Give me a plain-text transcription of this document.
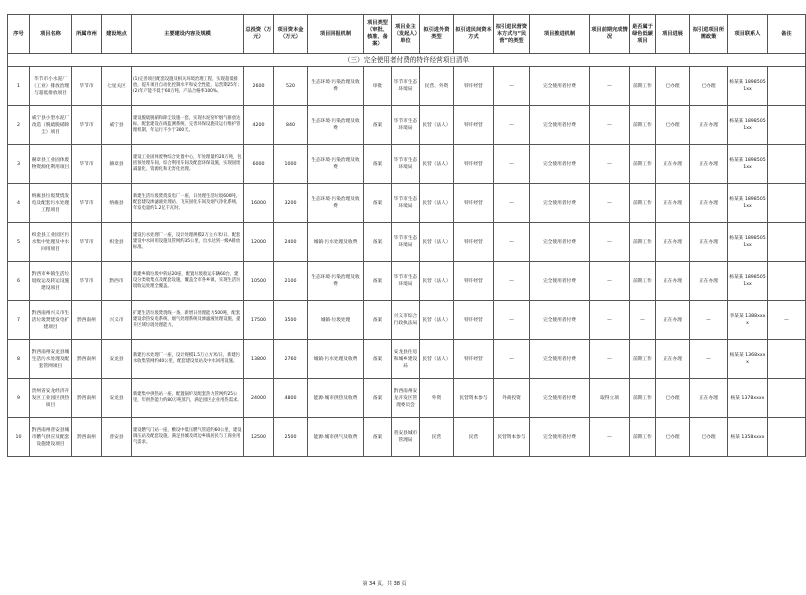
序号	项目名称	所属市州	建设地点	主要建设内容及规模	总投资（万元）	项目资本金（万元）	项目回报机制	项目类型（审批、核准、备案）	项目业主（发起人）单位	拟引进外资类型	拟引进民间资本方式	拟引进民营资本方式与“民营”的类型	项目推进机制	项目前期完成情况	是否属于绿色低碳项目	项目进展	拟引进项目所需政策	项目联系人	备注
（三）完全使用者付费的特许经营项目清单																			
1	毕节市小水泥厂（工业）排放治理与超低排放项目	毕节市	七星关区	(1)完善项目配套设施及相关环境治理工程，实现超低排放，提升项目自动化控制水平和安全性能，运营期25年；(2)年产能不低于60万吨，产品合格率100%。	2600	520	生态环境·污染治理及收费	审批	毕节市生态环境局	民营、外资	特许经营	—	完全使用者付费	—	前期工作	已办理	已办理	杨某某 18985051xx	
2	威宁县小型水泥厂改造（脱硫脱硝除尘）项目	毕节市	威宁县	建设脱硫脱硝和除尘设施一套，实现水泥窑炉烟气排放达标，配套建设在线监测系统，完善环保设施及运行维护管理机制，年运行不少于300天。	4200	840	生态环境·污染治理及收费	备案	毕节市生态环境局	民营（法人）	特许经营	—	完全使用者付费	—	前期工作	已办理	正在办理	杨某某 18985051xx	
3	赫章县工业固体废物资源化利用项目	毕节市	赫章县	建设工业固体废物综合处置中心，年处理量约20万吨，包括预处理车间、综合利用车间及配套环保设施，实现固废减量化、资源化和无害化处理。	6000	1000	生态环境·污染治理及收费	备案	毕节市生态环境局	民营（法人）	特许经营	—	完全使用者付费	—	前期工作	正在办理	正在办理	杨某某 18985051xx	
4	纳雍县垃圾焚烧发电及配套污水处理工程项目	毕节市	纳雍县	新建生活垃圾焚烧发电厂一座，日处理生活垃圾600吨，配套建设渗滤液处理站、飞灰固化车间及烟气净化系统，年发电量约1.2亿千瓦时。	16000	3200	生态环境·污染治理及收费	备案	毕节市生态环境局	民营（法人）	特许经营	—	完全使用者付费	—	前期工作	正在办理	正在办理	杨某某 18985051xx	
5	织金县工业园区污水集中处理及中水回用项目	毕节市	织金县	建设污水处理厂一座，设计处理规模2万立方米/日，配套建设中水回用设施及管网约35公里，出水达到一级A排放标准。	12000	2400	城镇·污水处理及收费	备案	毕节市生态环境局	民营（法人）	特许经营	—	完全使用者付费	—	前期工作	正在办理	正在办理	杨某某 18985051xx	
6	黔西市乡镇生活垃圾收运及转运设施建设项目	毕节市	黔西市	新建乡镇垃圾中转站20座，配置垃圾收运车辆60台，建设分类收集点及配套设施，覆盖全市各乡镇，实现生活垃圾收运处理全覆盖。	10500	2100	生态环境·污染治理及收费	备案	毕节市生态环境局	民营（法人）	特许经营	—	完全使用者付费	—	前期工作	正在办理	正在办理	杨某某 18985051xx	
7	黔西南州兴义市生活垃圾焚烧发电扩建项目	黔西南州	兴义市	扩建生活垃圾焚烧线一条，新增日处理能力500吨，配套建设余热发电系统、烟气处理系统及渗滤液处理设施，提升区域垃圾处理能力。	17500	3500	城镇·垃圾处理	备案	兴义市综合行政执法局	民营（法人）	特许经营	—	完全使用者付费	—	—	正在办理	—	李某某 1388xxxx	—
8	黔西南州安龙县城生活污水处理及配套管网项目	黔西南州	安龙县	新建污水处理厂一座，设计规模1.5万立方米/日，新建污水收集管网约40公里，配套建设泵站及中水回用设施。	13800	2760	城镇·污水处理及收费	备案	安龙县住房和城乡建设局	民营（法人）	特许经营	—	完全使用者付费	—	前期工作	正在办理	—	杨某某 1368xxxx	
9	贵州省安龙经济开发区工业园区供热项目	黔西南州	安龙县	新建集中供热站一座，配置锅炉及配套热力管网约25公里，年供热能力约80万吨蒸汽，满足园区企业用热需求。	24000	4800	能源·城市供热及收费	备案	黔西南州安龙开发区管理委员会	外资	民营资本参与	外商投资	完全使用者付费	取得立项	前期工作	已办理	正在办理	杨某 1378xxxx	
10	黔西南州普安县城市燃气供应及配套设施建设项目	黔西南州	普安县	建设燃气门站一座，敷设中低压燃气管道约60公里，建设调压站及配套设施，满足县城及周边乡镇居民与工商业用气需求。	12500	2500	能源·城市供气及收费	备案	普安县城市管理局	民营	民营	民营资本参与	完全使用者付费	—	前期工作	已办理	已办理	杨某 1358xxxx	
第 34 页，共 38 页
